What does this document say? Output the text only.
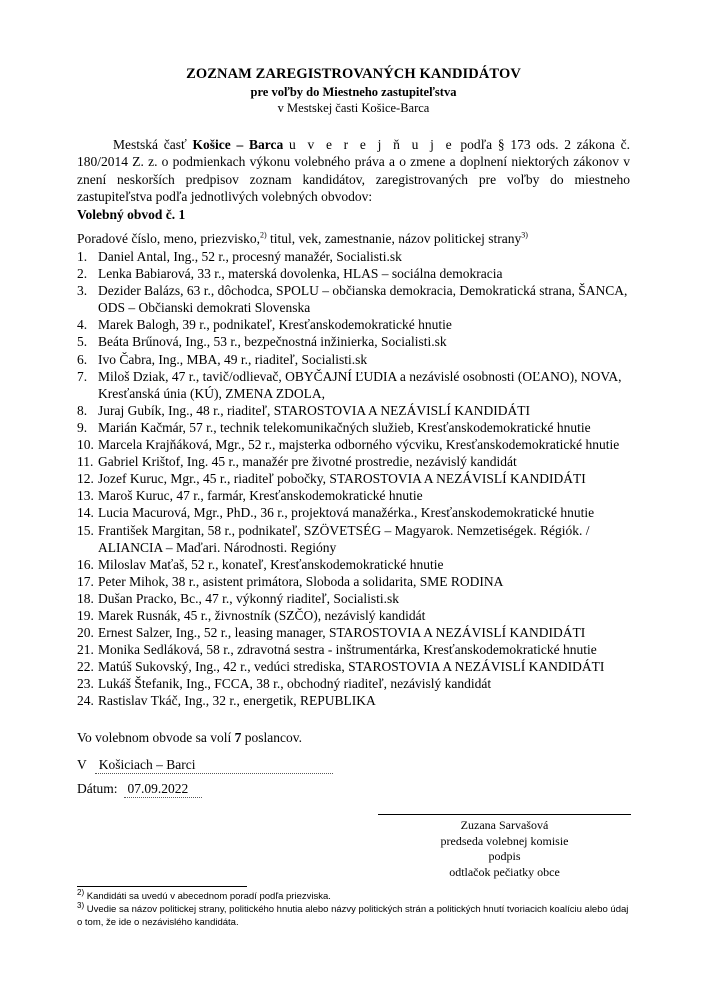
ZOZNAM ZAREGISTROVANÝCH KANDIDÁTOV
pre voľby do Miestneho zastupiteľstva
v Mestskej časti Košice-Barca
Mestská časť Košice – Barca u v e r e j ň u j e podľa § 173 ods. 2 zákona č. 180/2014 Z. z. o podmienkach výkonu volebného práva a o zmene a doplnení niektorých zákonov v znení neskorších predpisov zoznam kandidátov, zaregistrovaných pre voľby do miestneho zastupiteľstva podľa jednotlivých volebných obvodov:
Volebný obvod č. 1
Poradové číslo, meno, priezvisko,$^{2)}$ titul, vek, zamestnanie, názov politickej strany$^{3)}$
1. Daniel Antal, Ing., 52 r., procesný manažér, Socialisti.sk
2. Lenka Babiarová, 33 r., materská dovolenka, HLAS – sociálna demokracia
3. Dezider Balázs, 63 r., dôchodca, SPOLU – občianska demokracia, Demokratická strana, ŠANCA, ODS – Občianski demokrati Slovenska
4. Marek Balogh, 39 r., podnikateľ, Kresťanskodemokratické hnutie
5. Beáta Brűnová, Ing., 53 r., bezpečnostná inžinierka, Socialisti.sk
6. Ivo Čabra, Ing., MBA, 49 r., riaditeľ, Socialisti.sk
7. Miloš Dziak, 47 r., tavič/odlievač, OBYČAJNÍ ĽUDIA a nezávislé osobnosti (OĽANO), NOVA, Kresťanská únia (KÚ), ZMENA ZDOLA,
8. Juraj Gubík, Ing., 48 r., riaditeľ, STAROSTOVIA A NEZÁVISLÍ KANDIDÁTI
9. Marián Kačmár, 57 r., technik telekomunikačných služieb, Kresťanskodemokratické hnutie
10. Marcela Krajňáková, Mgr., 52 r., majsterka odborného výcviku, Kresťanskodemokratické hnutie
11. Gabriel Krištof, Ing. 45 r., manažér pre životné prostredie, nezávislý kandidát
12. Jozef Kuruc, Mgr., 45 r., riaditeľ pobočky, STAROSTOVIA A NEZÁVISLÍ KANDIDÁTI
13. Maroš Kuruc, 47 r., farmár, Kresťanskodemokratické hnutie
14. Lucia Macurová, Mgr., PhD., 36 r., projektová manažérka., Kresťanskodemokratické hnutie
15. František Margitan, 58 r., podnikateľ, SZÖVETSÉG – Magyarok. Nemzetiségek. Régiók. / ALIANCIA – Maďari. Národnosti. Regióny
16. Miloslav Maťaš, 52 r., konateľ, Kresťanskodemokratické hnutie
17. Peter Mihok, 38 r., asistent primátora, Sloboda a solidarita, SME RODINA
18. Dušan Pracko, Bc., 47 r., výkonný riaditeľ, Socialisti.sk
19. Marek Rusnák, 45 r., živnostník (SZČO), nezávislý kandidát
20. Ernest Salzer, Ing., 52 r., leasing manager, STAROSTOVIA A NEZÁVISLÍ KANDIDÁTI
21. Monika Sedláková, 58 r., zdravotná sestra - inštrumentárka, Kresťanskodemokratické hnutie
22. Matúš Sukovský, Ing., 42 r., vedúci strediska, STAROSTOVIA A NEZÁVISLÍ KANDIDÁTI
23. Lukáš Štefanik, Ing., FCCA, 38 r., obchodný riaditeľ, nezávislý kandidát
24. Rastislav Tkáč, Ing., 32 r., energetik, REPUBLIKA
Vo volebnom obvode sa volí 7 poslancov.
V Košiciach – Barci
Dátum: 07.09.2022
Zuzana Sarvašová
predseda volebnej komisie
podpis
odtlačok pečiatky obce
$^{2)}$ Kandidáti sa uvedú v abecednom poradí podľa priezviska.
$^{3)}$ Uvedie sa názov politickej strany, politického hnutia alebo názvy politických strán a politických hnutí tvoriacich koalíciu alebo údaj o tom, že ide o nezávislého kandidáta.
